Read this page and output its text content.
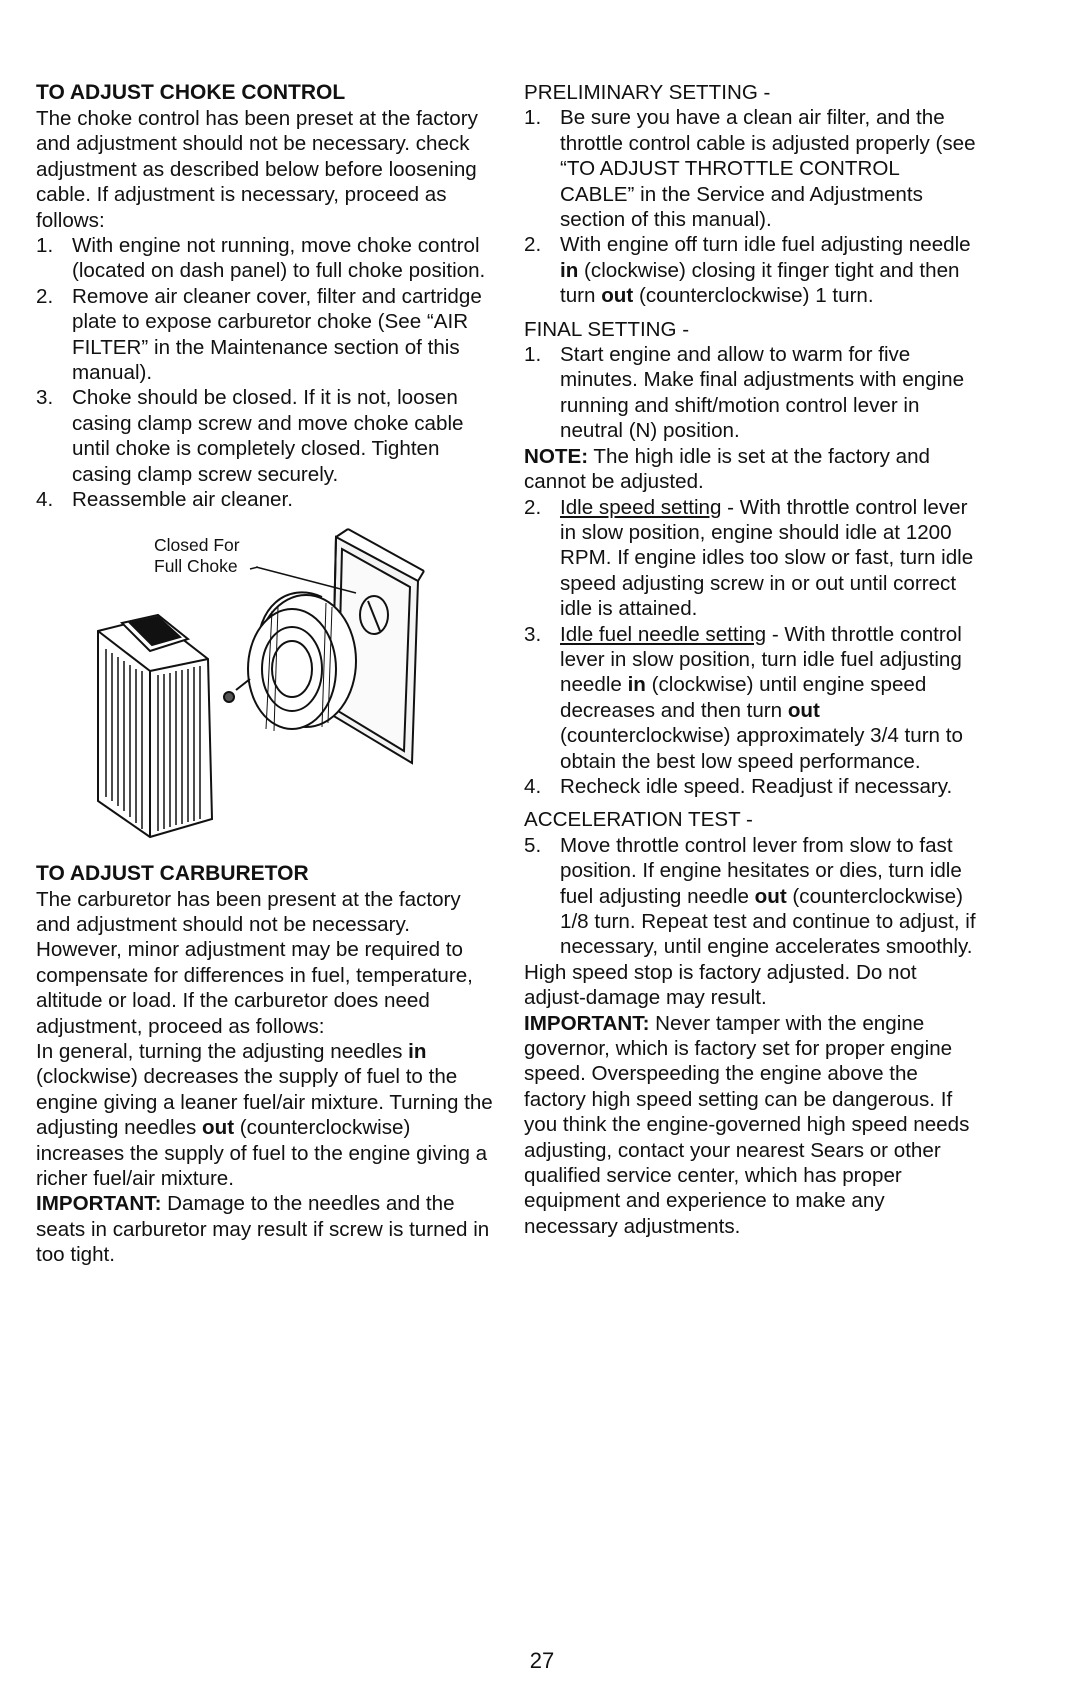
TO ADJUST CHOKE CONTROL

The choke control has been preset at the factory and adjustment should not be necessary. check adjustment as described below before loosening cable. If adjustment is necessary, proceed as follows:

1. With engine not running, move choke control (located on dash panel) to full choke position.
2. Remove air cleaner cover, filter and cartridge plate to expose carburetor choke (See “AIR FILTER” in the Maintenance section of this manual).
3. Choke should be closed. If it is not, loosen casing clamp screw and move choke cable until choke is completely closed. Tighten casing clamp screw securely.
4. Reassemble air cleaner.
Closed For
Full Choke
TO ADJUST CARBURETOR

The carburetor has been present at the factory and adjustment should not be necessary. However, minor adjustment may be required to compensate for differences in fuel, temperature, altitude or load. If the carburetor does need adjustment, proceed as follows:

In general, turning the adjusting needles in (clockwise) decreases the supply of fuel to the engine giving a leaner fuel/air mixture. Turning the adjusting needles out (counterclockwise) increases the supply of fuel to the engine giving a richer fuel/air mixture.

IMPORTANT: Damage to the needles and the seats in carburetor may result if screw is turned in too tight.

PRELIMINARY SETTING -
1. Be sure you have a clean air filter, and the throttle control cable is adjusted properly (see “TO ADJUST THROTTLE CONTROL CABLE” in the Service and Adjustments section of this manual).
2. With engine off turn idle fuel adjusting needle in (clockwise) closing it finger tight and then turn out (counterclockwise) 1 turn.
FINAL SETTING -
1. Start engine and allow to warm for five minutes. Make final adjustments with engine running and shift/motion control lever in neutral (N) position.

NOTE: The high idle is set at the factory and cannot be adjusted.

2. Idle speed setting - With throttle control lever in slow position, engine should idle at 1200 RPM. If engine idles too slow or fast, turn idle speed adjusting screw in or out until correct idle is attained.
3. Idle fuel needle setting - With throttle control lever in slow position, turn idle fuel adjusting needle in (clockwise) until engine speed decreases and then turn out (counterclockwise) approximately 3/4 turn to obtain the best low speed performance.
4. Recheck idle speed. Readjust if necessary.
ACCELERATION TEST -
5. Move throttle control lever from slow to fast position. If engine hesitates or dies, turn idle fuel adjusting needle out (counterclockwise) 1/8 turn. Repeat test and continue to adjust, if necessary, until engine accelerates smoothly.

High speed stop is factory adjusted. Do not adjust-damage may result.

IMPORTANT: Never tamper with the engine governor, which is factory set for proper engine speed. Overspeeding the engine above the factory high speed setting can be dangerous. If you think the engine-governed high speed needs adjusting, contact your nearest Sears or other qualified service center, which has proper equipment and experience to make any necessary adjustments.

27
